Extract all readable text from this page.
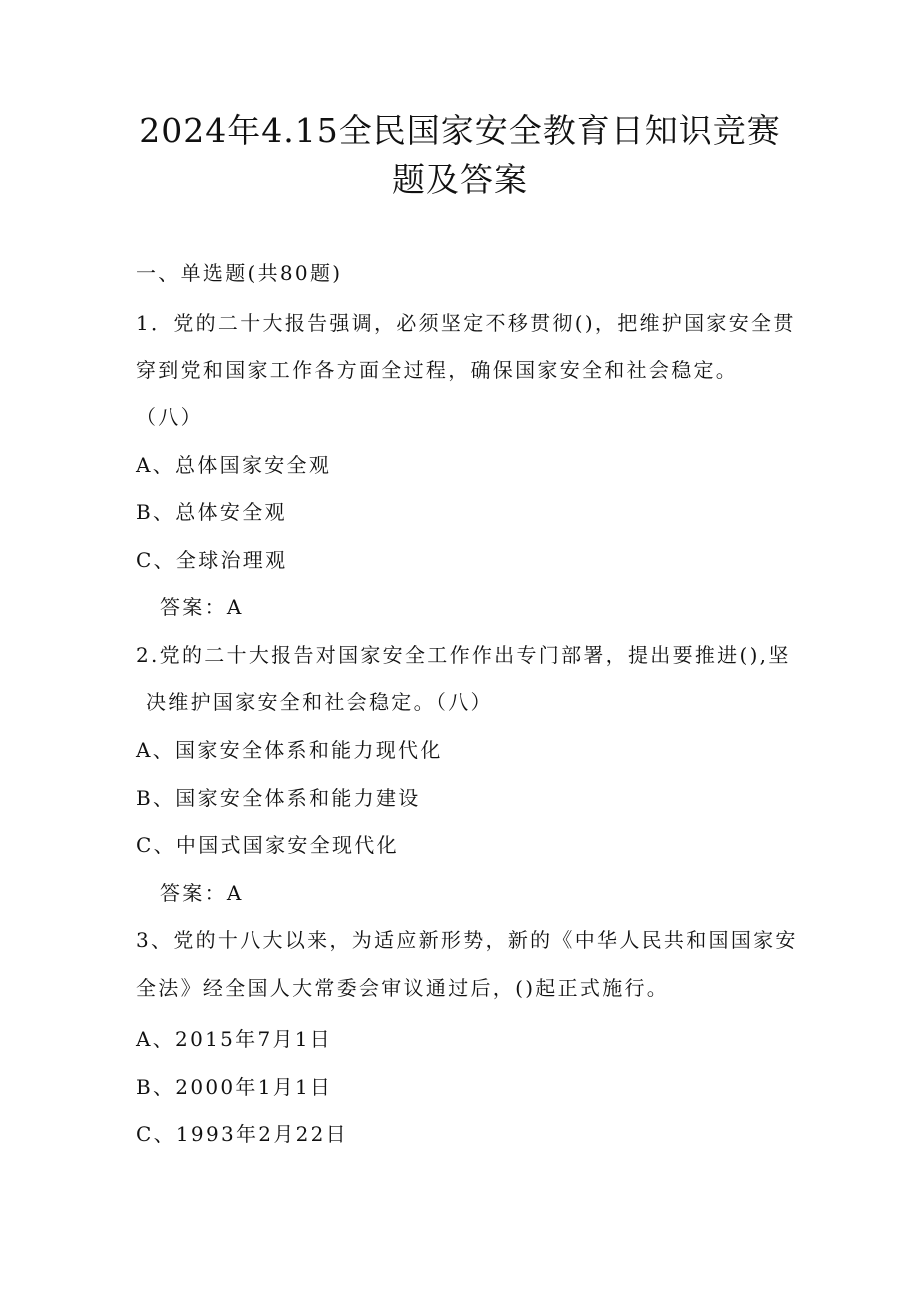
2024年4.15全民国家安全教育日知识竞赛
题及答案
一、单选题(共80题)
1．党的二十大报告强调，必须坚定不移贯彻()，把维护国家安全贯
穿到党和国家工作各方面全过程，确保国家安全和社会稳定。
（八）
A、总体国家安全观
B、总体安全观
C、全球治理观
答案：A
2.党的二十大报告对国家安全工作作出专门部署，提出要推进(),坚
决维护国家安全和社会稳定。（八）
A、国家安全体系和能力现代化
B、国家安全体系和能力建设
C、中国式国家安全现代化
答案：A
3、党的十八大以来，为适应新形势，新的《中华人民共和国国家安
全法》经全国人大常委会审议通过后，()起正式施行。
A、2015年7月1日
B、2000年1月1日
C、1993年2月22日
